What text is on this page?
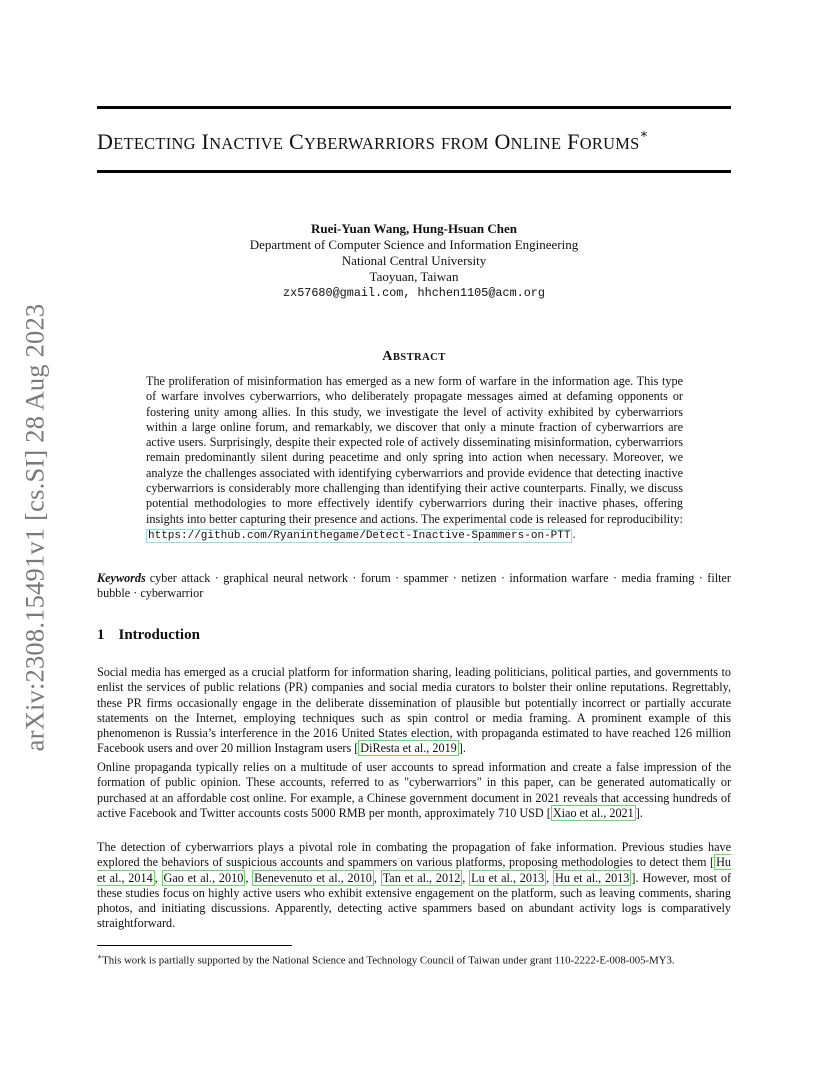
arXiv:2308.15491v1 [cs.SI] 28 Aug 2023
DETECTING INACTIVE CYBERWARRIORS FROM ONLINE FORUMS∗
Ruei-Yuan Wang, Hung-Hsuan Chen
Department of Computer Science and Information Engineering
National Central University
Taoyuan, Taiwan
zx57680@gmail.com, hhchen1105@acm.org
ABSTRACT

The proliferation of misinformation has emerged as a new form of warfare in the information age. This type of warfare involves cyberwarriors, who deliberately propagate messages aimed at defaming opponents or fostering unity among allies. In this study, we investigate the level of activity exhibited by cyberwarriors within a large online forum, and remarkably, we discover that only a minute fraction of cyberwarriors are active users. Surprisingly, despite their expected role of actively disseminating misinformation, cyberwarriors remain predominantly silent during peacetime and only spring into action when necessary. Moreover, we analyze the challenges associated with identifying cyberwarriors and provide evidence that detecting inactive cyberwarriors is considerably more challenging than identifying their active counterparts. Finally, we discuss potential methodologies to more effectively identify cyberwarriors during their inactive phases, offering insights into better capturing their presence and actions. The experimental code is released for reproducibility: https://github.com/Ryaninthegame/Detect-Inactive-Spammers-on-PTT .

Keywords cyber attack · graphical neural network · forum · spammer · netizen · information warfare · media framing · filter bubble · cyberwarrior

1 Introduction

Social media has emerged as a crucial platform for information sharing, leading politicians, political parties, and governments to enlist the services of public relations (PR) companies and social media curators to bolster their online reputations. Regrettably, these PR firms occasionally engage in the deliberate dissemination of plausible but potentially incorrect or partially accurate statements on the Internet, employing techniques such as spin control or media framing. A prominent example of this phenomenon is Russia’s interference in the 2016 United States election, with propaganda estimated to have reached 126 million Facebook users and over 20 million Instagram users [ DiResta et al., 2019 ].

Online propaganda typically relies on a multitude of user accounts to spread information and create a false impression of the formation of public opinion. These accounts, referred to as "cyberwarriors" in this paper, can be generated automatically or purchased at an affordable cost online. For example, a Chinese government document in 2021 reveals that accessing hundreds of active Facebook and Twitter accounts costs 5000 RMB per month, approximately 710 USD [ Xiao et al., 2021 ].

The detection of cyberwarriors plays a pivotal role in combating the propagation of fake information. Previous studies have explored the behaviors of suspicious accounts and spammers on various platforms, proposing methodologies to detect them [ Hu et al., 2014 , Gao et al., 2010 , Benevenuto et al., 2010 , Tan et al., 2012 , Lu et al., 2013 , Hu et al., 2013 ]. However, most of these studies focus on highly active users who exhibit extensive engagement on the platform, such as leaving comments, sharing photos, and initiating discussions. Apparently, detecting active spammers based on abundant activity logs is comparatively straightforward.

∗This work is partially supported by the National Science and Technology Council of Taiwan under grant 110-2222-E-008-005-MY3.
